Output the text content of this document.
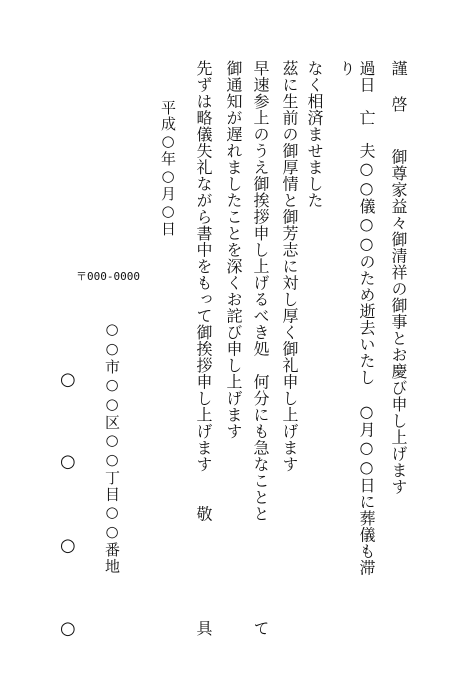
謹 啓 　御尊家益々御清祥の御事とお慶び申し上げます
過日　亡　夫○○儀○○のため逝去いたし　○月○○日に葬儀も滞
り
なく相済ませました
茲に生前の御厚情と御芳志に対し厚く御礼申し上げます
早速参上のうえ御挨拶申し上げるべき処　何分にも急なことと
て
御通知が遅れましたことを深くお詫び申し上げます
先ずは略儀失礼ながら書中をもって御挨拶申し上げます　　敬
具
平成○年○月○日
〒000-0000
○○市○○区○○丁目○○番地
○
○
○
○
